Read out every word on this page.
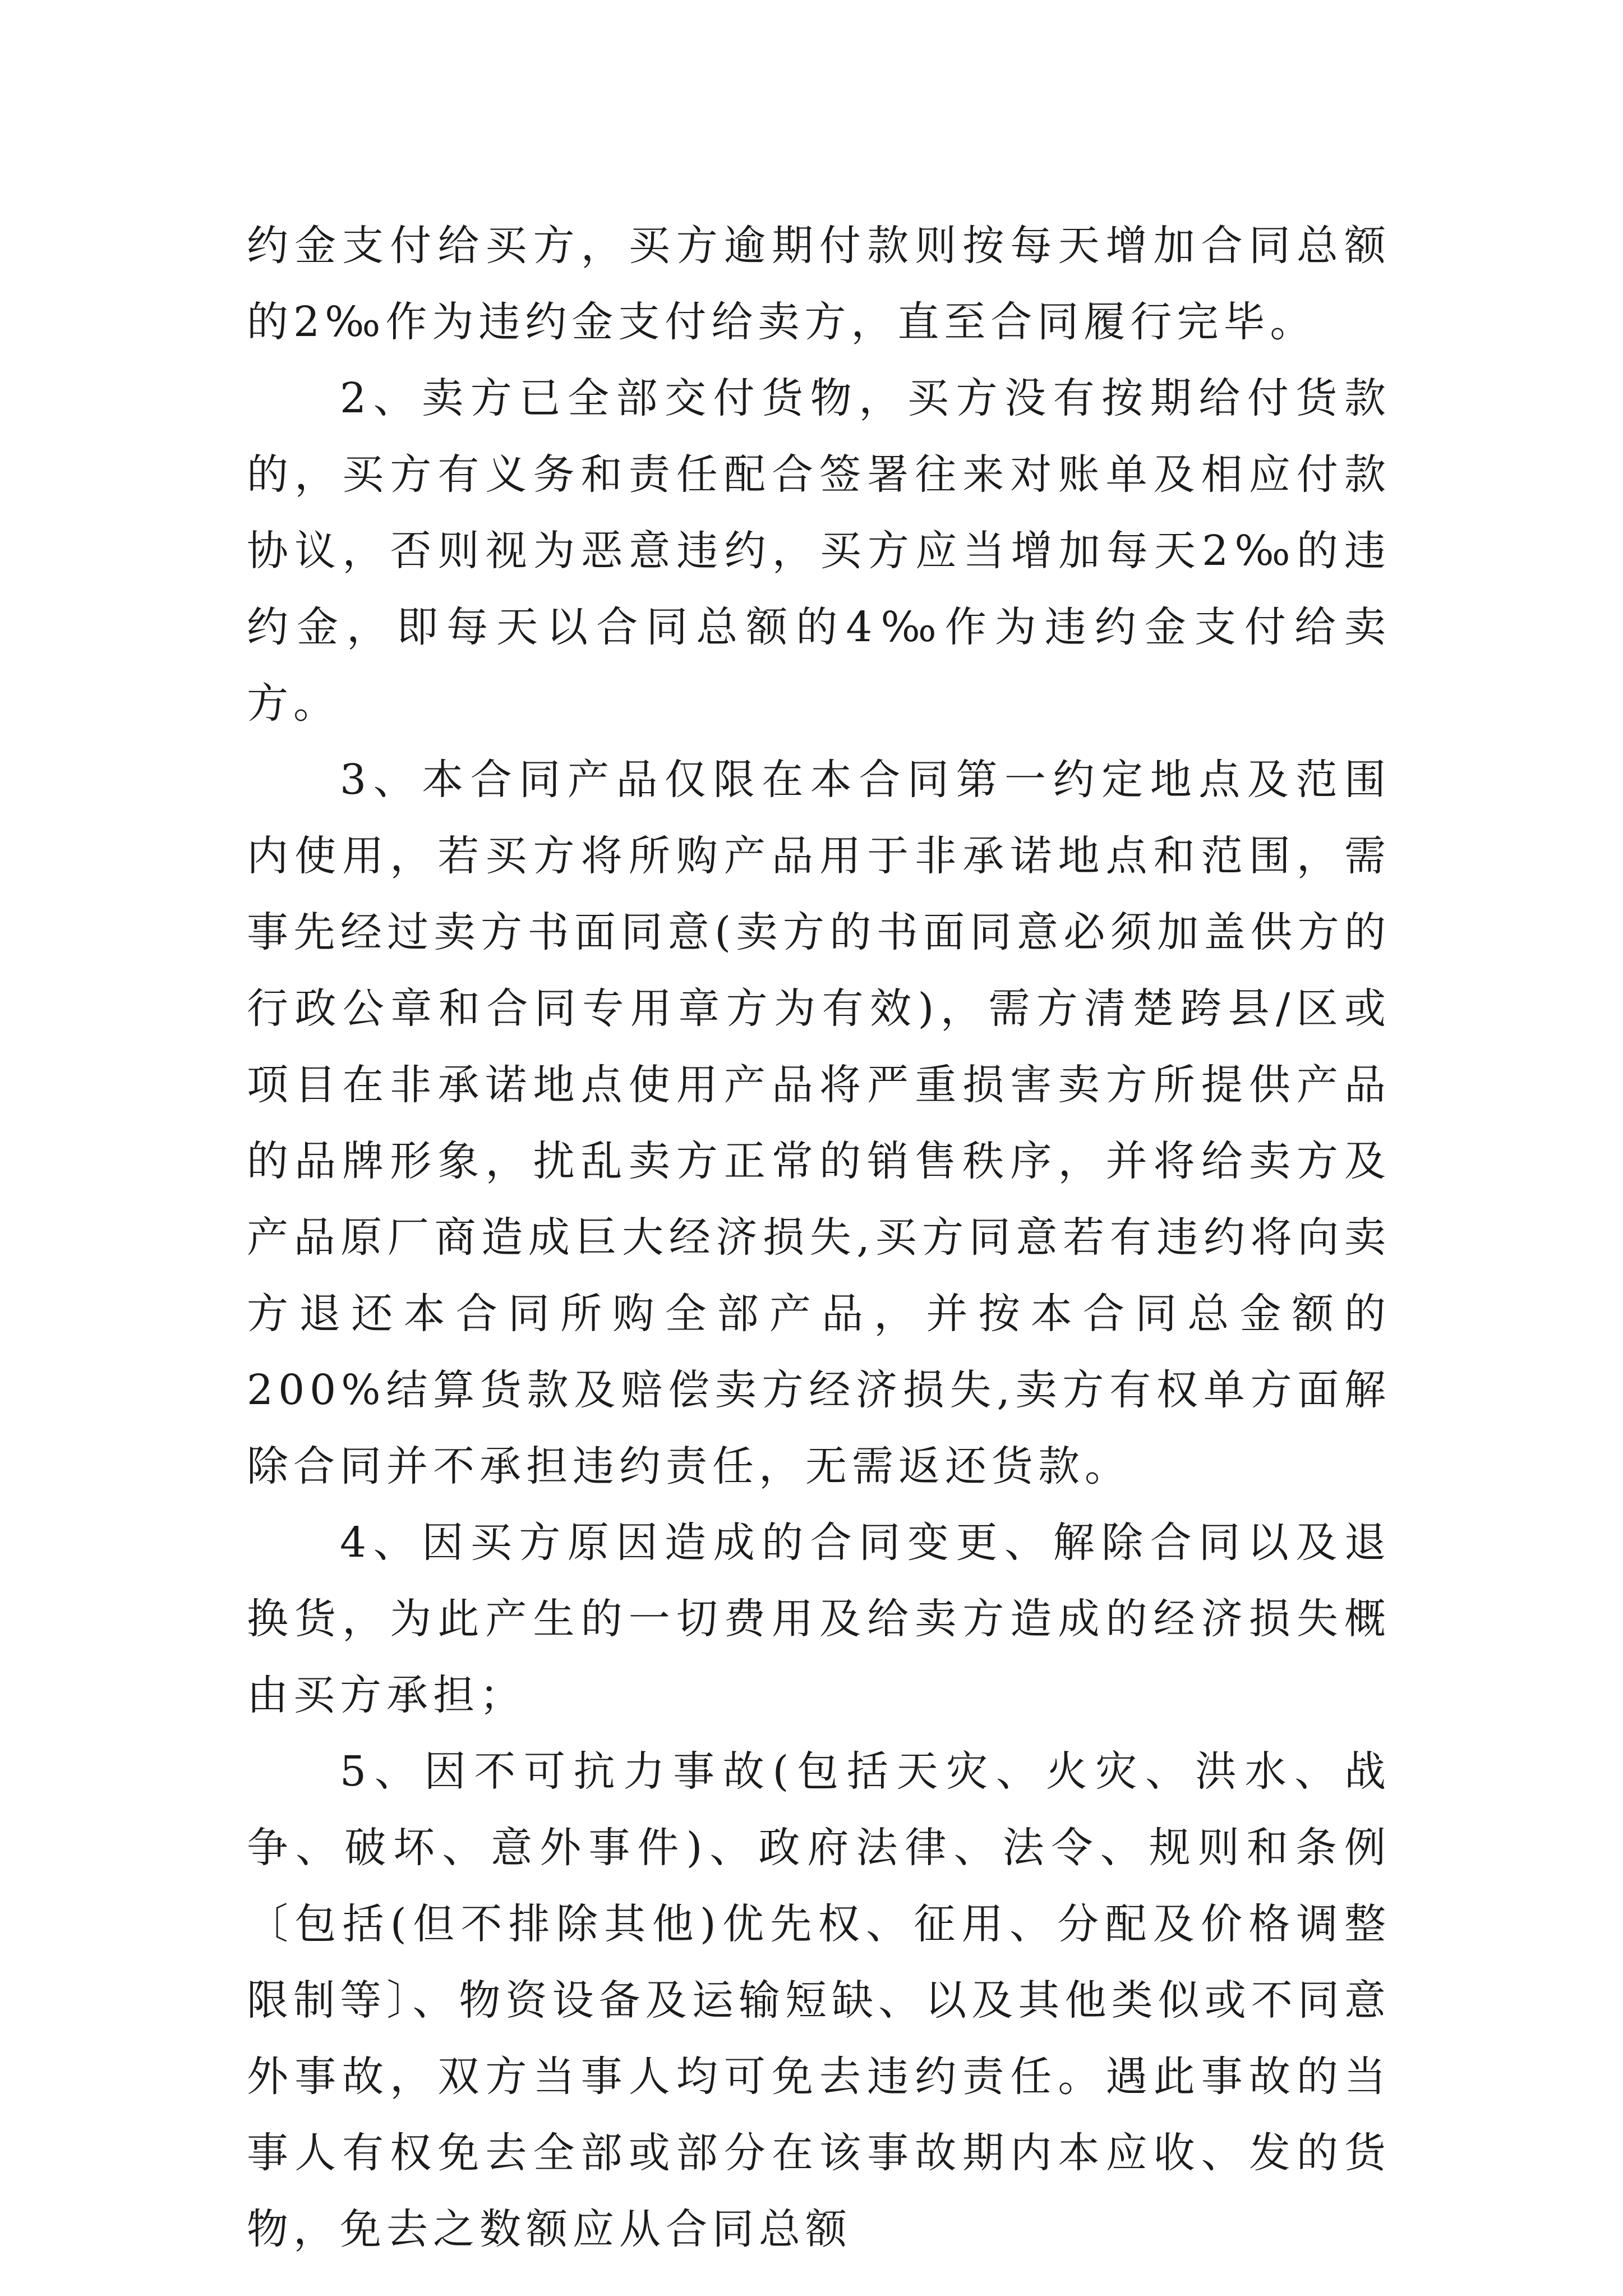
约金支付给买方，买方逾期付款则按每天增加合同总额的2‰作为违约金支付给卖方，直至合同履行完毕。

2、卖方已全部交付货物，买方没有按期给付货款的，买方有义务和责任配合签署往来对账单及相应付款协议，否则视为恶意违约，买方应当增加每天2‰的违约金，即每天以合同总额的4‰作为违约金支付给卖方。

3、本合同产品仅限在本合同第一约定地点及范围内使用，若买方将所购产品用于非承诺地点和范围，需事先经过卖方书面同意(卖方的书面同意必须加盖供方的行政公章和合同专用章方为有效)，需方清楚跨县/区或项目在非承诺地点使用产品将严重损害卖方所提供产品的品牌形象，扰乱卖方正常的销售秩序，并将给卖方及产品原厂商造成巨大经济损失,买方同意若有违约将向卖方退还本合同所购全部产品，并按本合同总金额的200%结算货款及赔偿卖方经济损失,卖方有权单方面解除合同并不承担违约责任，无需返还货款。

4、因买方原因造成的合同变更、解除合同以及退换货，为此产生的一切费用及给卖方造成的经济损失概由买方承担；

5、因不可抗力事故(包括天灾、火灾、洪水、战争、破坏、意外事件)、政府法律、法令、规则和条例〔包括(但不排除其他)优先权、征用、分配及价格调整限制等〕、物资设备及运输短缺、以及其他类似或不同意外事故，双方当事人均可免去违约责任。遇此事故的当事人有权免去全部或部分在该事故期内本应收、发的货物，免去之数额应从合同总额
